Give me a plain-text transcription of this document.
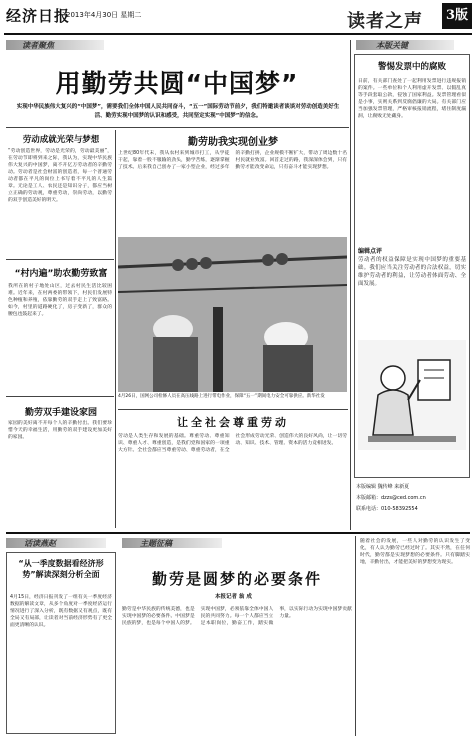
经济日报
2013年4月30日 星期二	读者之声	3版
读者聚焦
用勤劳共圆“中国梦”
实现中华民族伟大复兴的“中国梦”，需要我们全体中国人民共同奋斗，“五一”国际劳动节前夕，我们特邀读者谈谈对劳动创造美好生活、勤劳实现中国梦的认识和感受，共同坚定实现“中国梦”的信念。
劳动成就光荣与梦想
“劳动创造世界，劳动是光荣的，劳动最美丽”，在劳动节即将到来之际，我认为，实现中华民族伟大复兴的中国梦，离不开亿万劳动者的辛勤劳动。劳动者是社会财富的创造者，每一个普通劳动者都在平凡的岗位上书写着不平凡的人生篇章。无论是工人、农民还是知识分子，都应当树立正确的劳动观，尊重劳动，崇尚劳动，以勤劳的双手创造美好的明天。
“村内遍”助农勤劳致富
我所在的村子地处山区，过去村民生活比较困难。近年来，在村两委的带领下，村民们发展特色种植和养殖，依靠勤劳的双手走上了致富路。如今，村里的道路硬化了，房子变新了，群众的腰包也鼓起来了。
勤劳双手建设家园
家园的美好离不开每个人的辛勤付出。我们要珍惜今天的幸福生活，用勤劳的双手建设更加美好的家园。
勤劳助我实现创业梦
上世纪80年代末，我从农村来到城市打工，从学徒干起，靠着一股不服输的劲头，勤学苦练，逐渐掌握了技术。后来我自己创办了一家小型企业，经过多年的辛勤打拼，企业规模不断扩大，带动了周边数十名村民就业致富。回首走过的路，我深深体会到，只有勤劳才能改变命运，只有奋斗才能实现梦想。
4月26日，国网公司检修人员在高压线路上进行带电作业，保障“五一”期间电力安全可靠供应。新华社发
让全社会尊重劳动
劳动是人类生存和发展的基础。尊重劳动、尊重知识、尊重人才、尊重创造，是我们党和国家的一项重大方针。全社会都应当尊重劳动、尊重劳动者，在全社会形成劳动光荣、创造伟大的良好风尚，让一切劳动、知识、技术、管理、资本的活力竞相迸发。
本版关键
警惕发票中的腐败
日前，有关部门查处了一起利用发票进行违规报销的案件。一些单位和个人利用虚开发票、以假乱真等手段套取公款，侵蚀了国家利益。发票管理看似是小事，实则关系到反腐倡廉的大局。有关部门应当加强发票管理，严格审核报销流程，堵住制度漏洞，让腐败无处藏身。
编辑点评
劳动者的权益保障是实现中国梦的重要基础。我们应当关注劳动者的合法权益，切实维护劳动者的利益，让劳动者体面劳动、全面发展。
本版编辑 魏传峰 来新夏
本版邮箱：dzzs@ced.com.cn
联系电话：010-58392554
话读燕赵
“从一季度数据看经济形势”解读深刻分析全面
4月15日，经济日报刊发了一组有关一季度经济数据的解读文章，从多个角度对一季度经济运行情况进行了深入分析，既有数据又有观点，既有全局又有局部，让读者对当前经济形势有了更全面更清晰的认识。
主题征稿
勤劳是圆梦的必要条件
本报记者 翁 成
勤劳是中华民族的传统美德，也是实现中国梦的必要条件。中国梦是民族的梦，也是每个中国人的梦。实现中国梦，必须依靠全体中国人民的共同努力。每一个人都应当立足本职岗位，勤奋工作，踏实做事，以实际行动为实现中国梦贡献力量。
随着社会的发展，一些人对勤劳的认识发生了变化，有人认为勤劳已经过时了。其实不然，在任何时代，勤劳都是实现梦想的必要条件。只有脚踏实地，辛勤付出，才能把美好的梦想变为现实。
